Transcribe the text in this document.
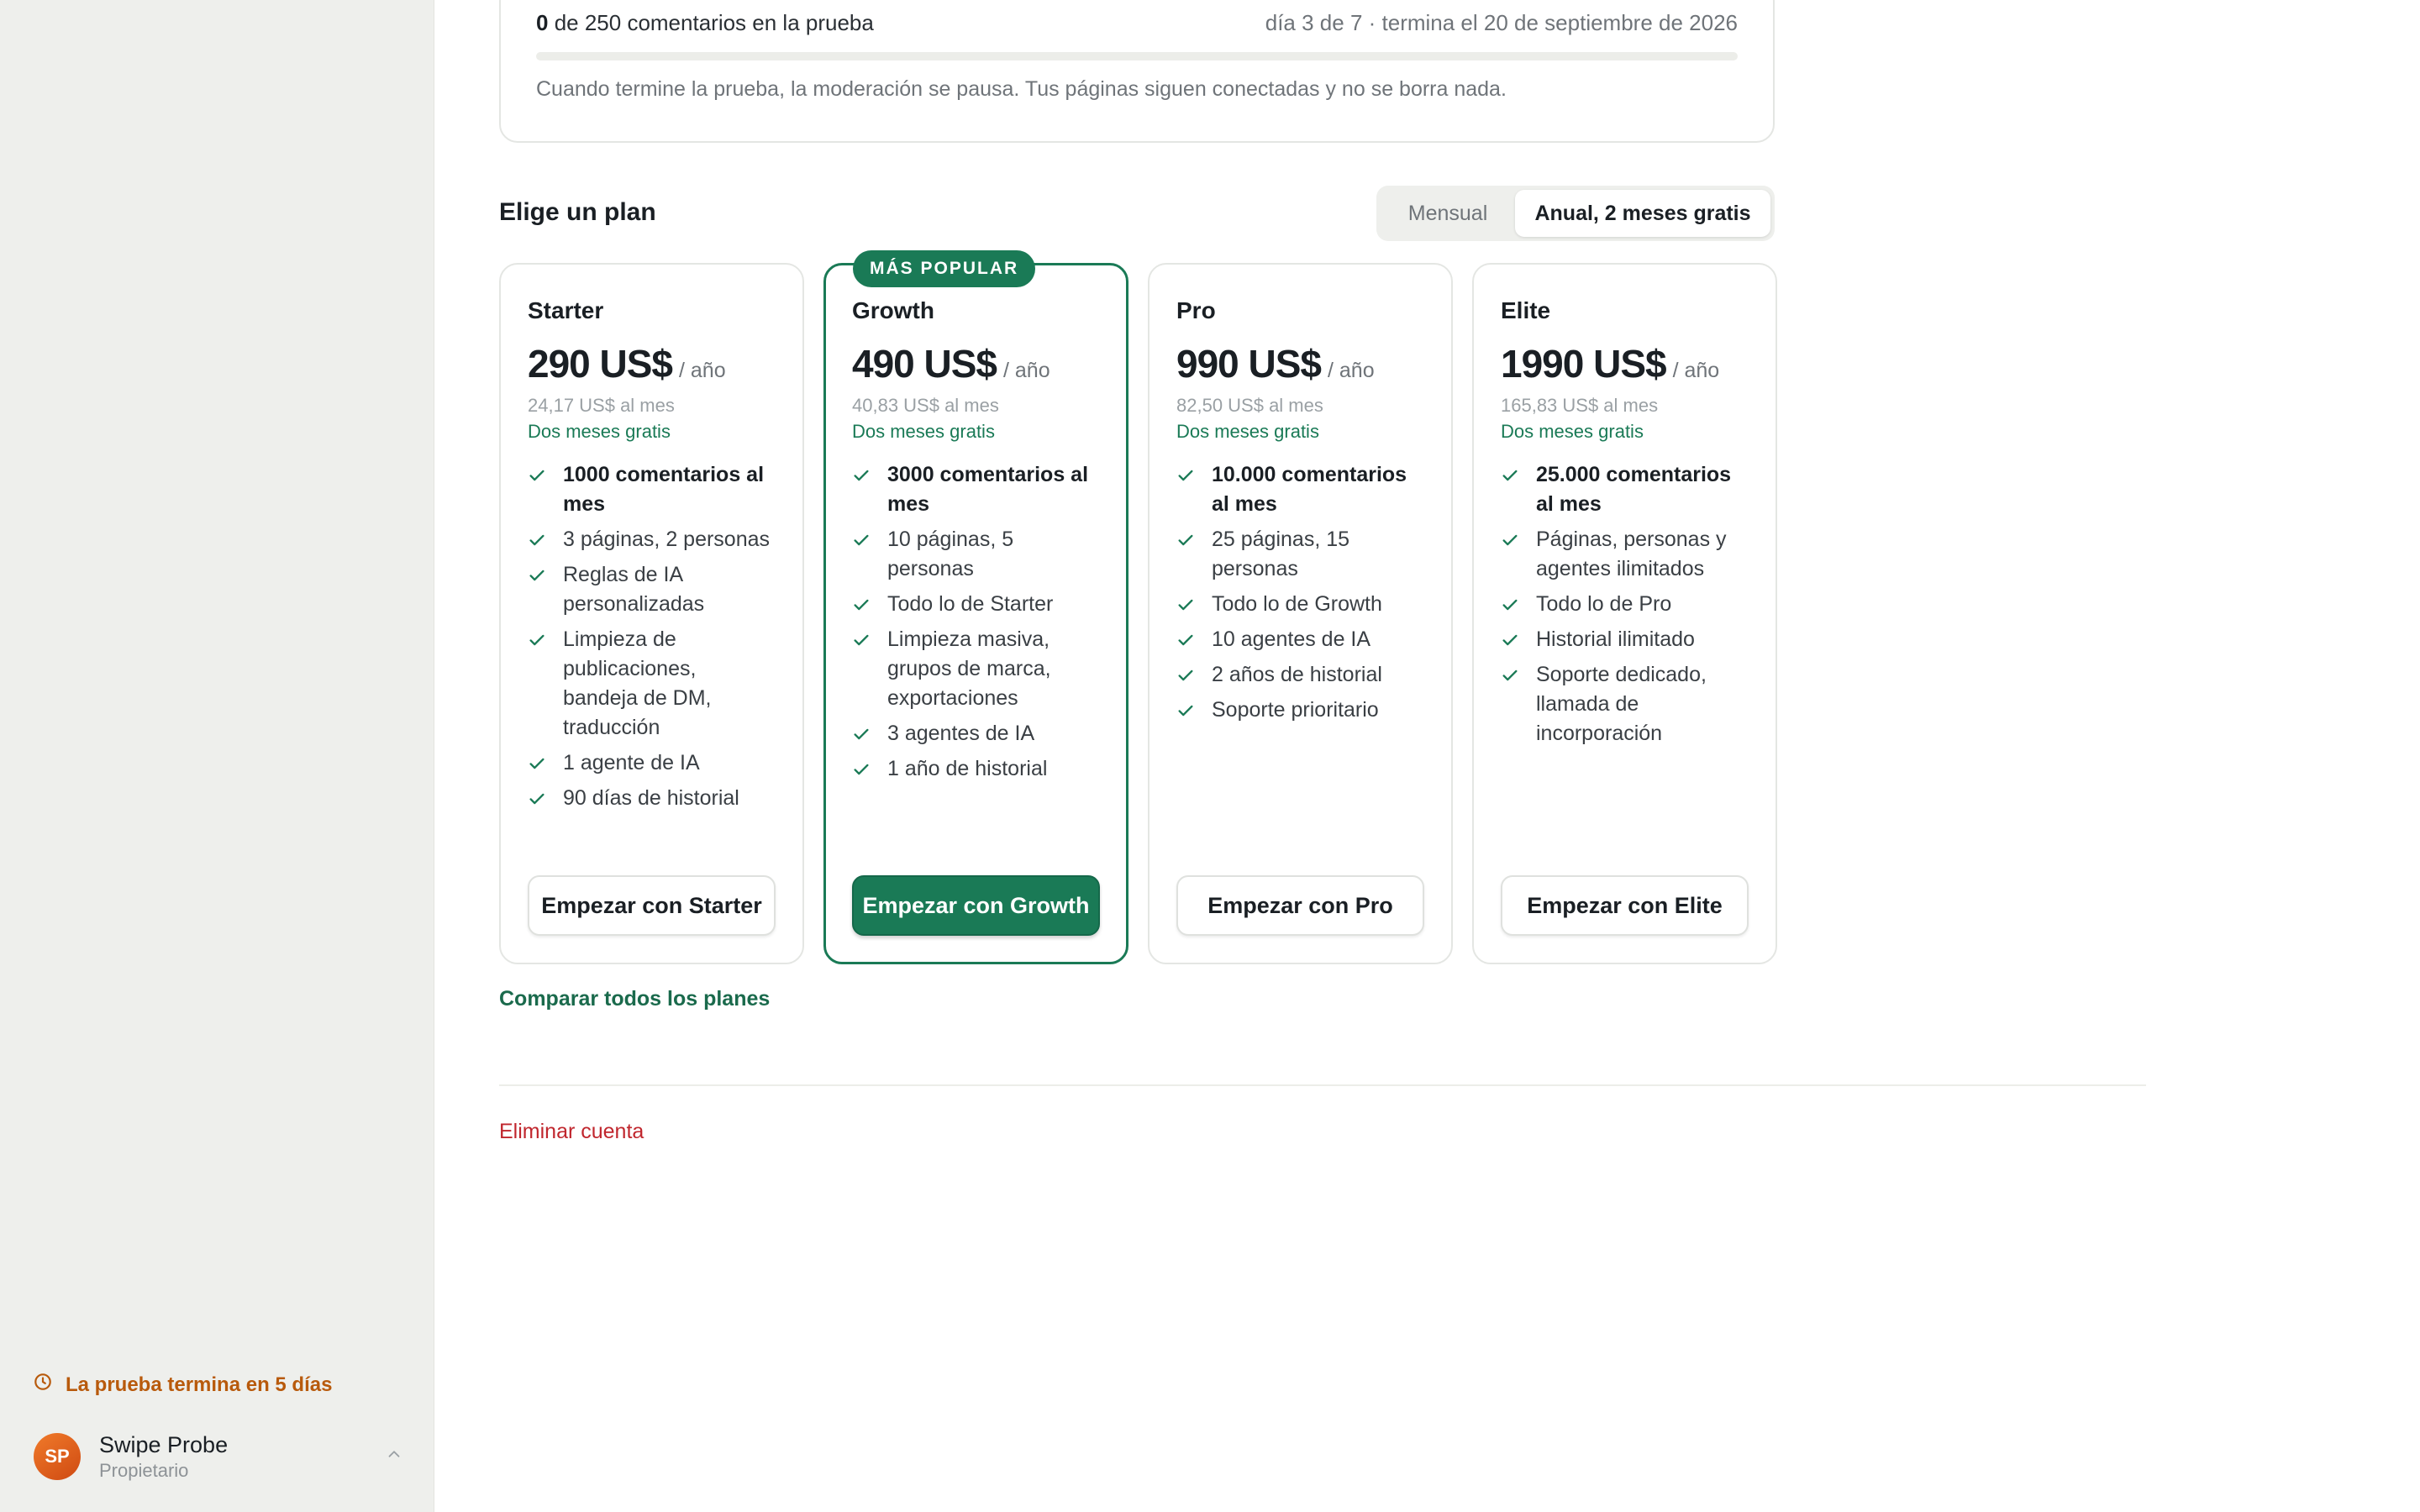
La prueba termina en 5 días
SP	Swipe Probe
Propietario
0 de 250 comentarios en la prueba	día 3 de 7 · termina el 20 de septiembre de 2026
Cuando termine la prueba, la moderación se pausa. Tus páginas siguen conectadas y no se borra nada.
Elige un plan	Mensual	Anual, 2 meses gratis
Starter
290 US$ / año
24,17 US$ al mes
Dos meses gratis
1000 comentarios al mes
3 páginas, 2 personas
Reglas de IA personalizadas
Limpieza de publicaciones, bandeja de DM, traducción
1 agente de IA
90 días de historial
Empezar con Starter
MÁS POPULAR
Growth
490 US$ / año
40,83 US$ al mes
Dos meses gratis
3000 comentarios al mes
10 páginas, 5 personas
Todo lo de Starter
Limpieza masiva, grupos de marca, exportaciones
3 agentes de IA
1 año de historial
Empezar con Growth
Pro
990 US$ / año
82,50 US$ al mes
Dos meses gratis
10.000 comentarios al mes
25 páginas, 15 personas
Todo lo de Growth
10 agentes de IA
2 años de historial
Soporte prioritario
Empezar con Pro
Elite
1990 US$ / año
165,83 US$ al mes
Dos meses gratis
25.000 comentarios al mes
Páginas, personas y agentes ilimitados
Todo lo de Pro
Historial ilimitado
Soporte dedicado, llamada de incorporación
Empezar con Elite
Comparar todos los planes
Eliminar cuenta
